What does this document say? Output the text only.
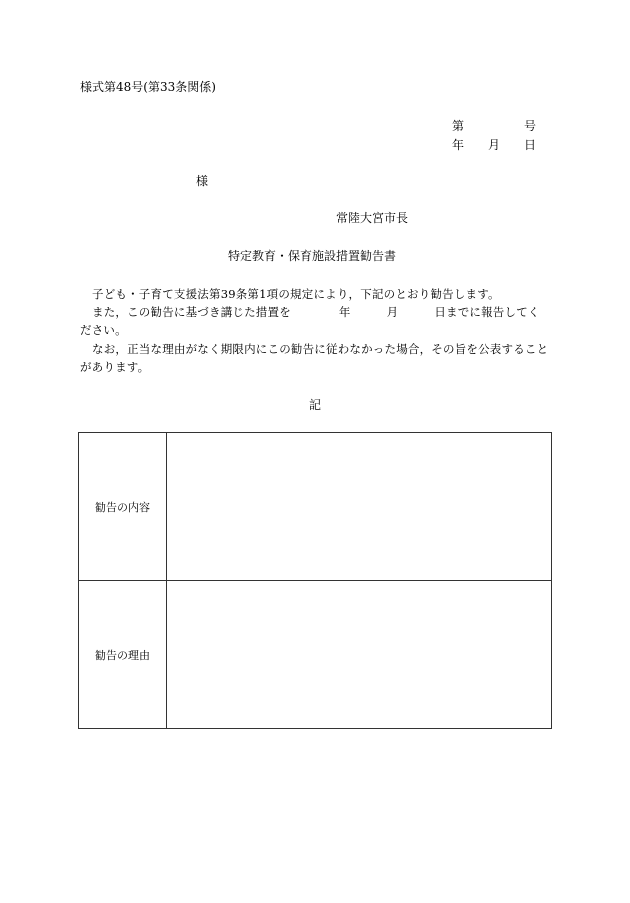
様式第48号(第33条関係)
第	号
年 月 日
様
常陸大宮市長
特定教育・保育施設措置勧告書
子ども・子育て支援法第39条第1項の規定により，下記のとおり勧告します。
また，この勧告に基づき講じた措置を	年	月	日までに報告してください。
なお，正当な理由がなく期限内にこの勧告に従わなかった場合，その旨を公表することがあります。
記
勧告の内容	
勧告の理由	
